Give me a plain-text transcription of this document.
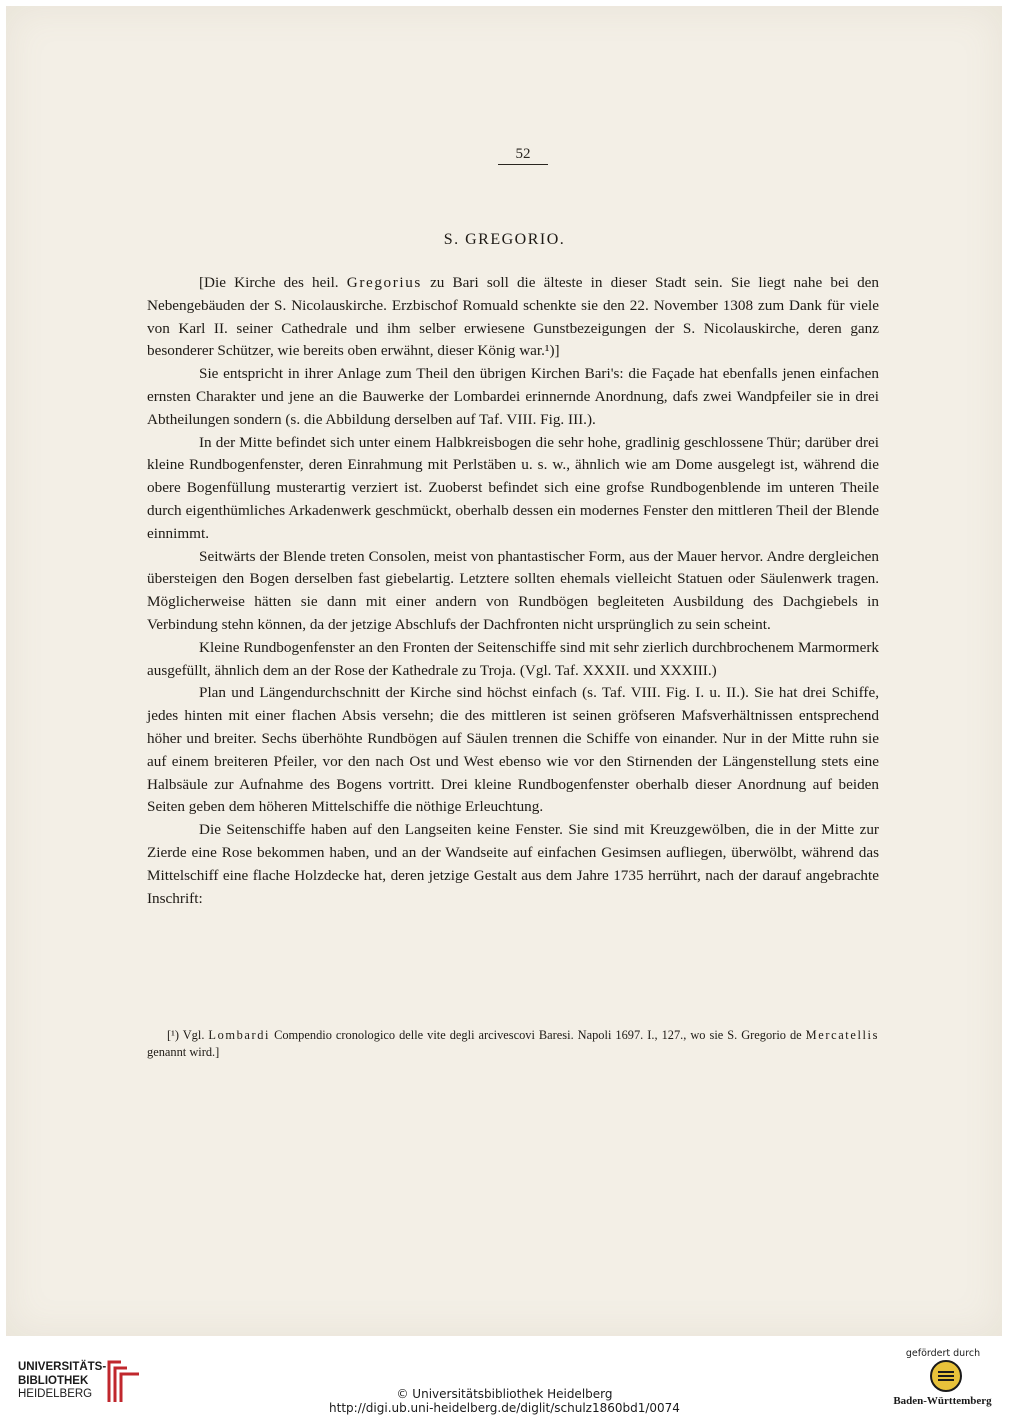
52
S. GREGORIO.

[Die Kirche des heil. Gregorius zu Bari soll die älteste in dieser Stadt sein. Sie liegt nahe bei den Nebengebäuden der S. Nicolauskirche. Erzbischof Romuald schenkte sie den 22. November 1308 zum Dank für viele von Karl II. seiner Cathedrale und ihm selber erwiesene Gunstbezeigungen der S. Nicolauskirche, deren ganz besonderer Schützer, wie bereits oben erwähnt, dieser König war.¹)]

Sie entspricht in ihrer Anlage zum Theil den übrigen Kirchen Bari's: die Façade hat ebenfalls jenen einfachen ernsten Charakter und jene an die Bauwerke der Lombardei erinnernde Anordnung, dafs zwei Wandpfeiler sie in drei Abtheilungen sondern (s. die Abbildung derselben auf Taf. VIII. Fig. III.).

In der Mitte befindet sich unter einem Halbkreisbogen die sehr hohe, gradlinig geschlossene Thür; darüber drei kleine Rundbogenfenster, deren Einrahmung mit Perlstäben u. s. w., ähnlich wie am Dome ausgelegt ist, während die obere Bogenfüllung musterartig verziert ist. Zuoberst befindet sich eine grofse Rundbogenblende im unteren Theile durch eigenthümliches Arkadenwerk geschmückt, oberhalb dessen ein modernes Fenster den mittleren Theil der Blende einnimmt.

Seitwärts der Blende treten Consolen, meist von phantastischer Form, aus der Mauer hervor. Andre dergleichen übersteigen den Bogen derselben fast giebelartig. Letztere sollten ehemals vielleicht Statuen oder Säulenwerk tragen. Möglicherweise hätten sie dann mit einer andern von Rundbögen begleiteten Ausbildung des Dachgiebels in Verbindung stehn können, da der jetzige Abschlufs der Dachfronten nicht ursprünglich zu sein scheint.

Kleine Rundbogenfenster an den Fronten der Seitenschiffe sind mit sehr zierlich durchbrochenem Marmormerk ausgefüllt, ähnlich dem an der Rose der Kathedrale zu Troja. (Vgl. Taf. XXXII. und XXXIII.)

Plan und Längendurchschnitt der Kirche sind höchst einfach (s. Taf. VIII. Fig. I. u. II.). Sie hat drei Schiffe, jedes hinten mit einer flachen Absis versehn; die des mittleren ist seinen gröfseren Mafsverhältnissen entsprechend höher und breiter. Sechs überhöhte Rundbögen auf Säulen trennen die Schiffe von einander. Nur in der Mitte ruhn sie auf einem breiteren Pfeiler, vor den nach Ost und West ebenso wie vor den Stirnenden der Längenstellung stets eine Halbsäule zur Aufnahme des Bogens vortritt. Drei kleine Rundbogenfenster oberhalb dieser Anordnung auf beiden Seiten geben dem höheren Mittelschiffe die nöthige Erleuchtung.

Die Seitenschiffe haben auf den Langseiten keine Fenster. Sie sind mit Kreuzgewölben, die in der Mitte zur Zierde eine Rose bekommen haben, und an der Wandseite auf einfachen Gesimsen aufliegen, überwölbt, während das Mittelschiff eine flache Holzdecke hat, deren jetzige Gestalt aus dem Jahre 1735 herrührt, nach der darauf angebrachte Inschrift:

[¹) Vgl. Lombardi Compendio cronologico delle vite degli arcivescovi Baresi. Napoli 1697. I., 127., wo sie S. Gregorio de Mercatellis genannt wird.]
UNIVERSITÄTS-
BIBLIOTHEK
HEIDELBERG	© Universitätsbibliothek Heidelberg
http://digi.ub.uni-heidelberg.de/diglit/schulz1860bd1/0074
gefördert durch
Baden-Württemberg
